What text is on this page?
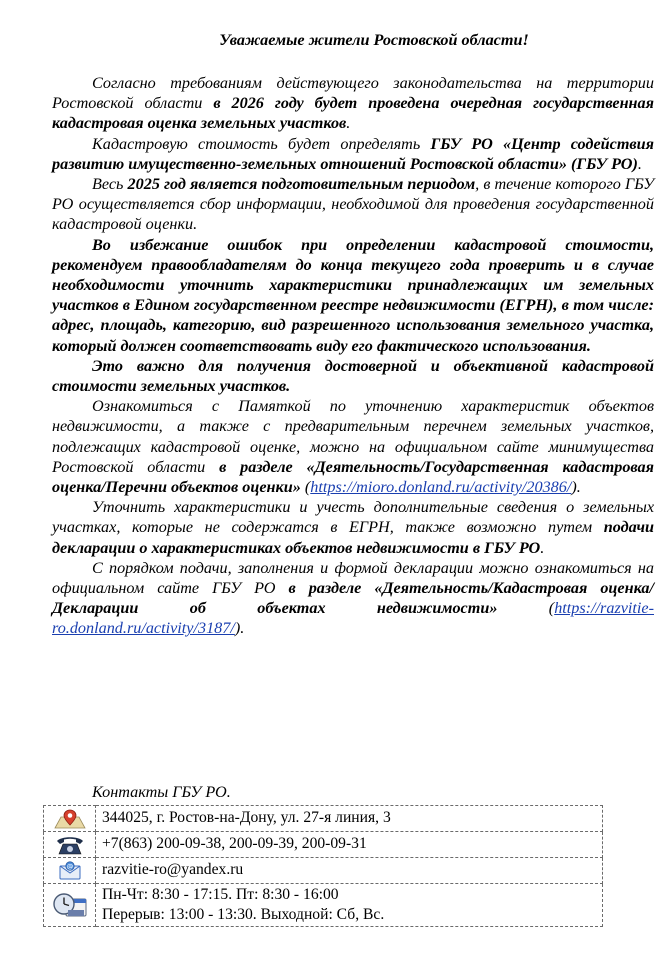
Уважаемые жители Ростовской области!

Согласно требованиям действующего законодательства на территории Ростовской области в 2026 году будет проведена очередная государственная кадастровая оценка земельных участков.

Кадастровую стоимость будет определять ГБУ РО «Центр содействия развитию имущественно-земельных отношений Ростовской области» (ГБУ РО).

Весь 2025 год является подготовительным периодом, в течение которого ГБУ РО осуществляется сбор информации, необходимой для проведения государственной кадастровой оценки.

Во избежание ошибок при определении кадастровой стоимости, рекомендуем правообладателям до конца текущего года проверить и в случае необходимости уточнить характеристики принадлежащих им земельных участков в Едином государственном реестре недвижимости (ЕГРН), в том числе: адрес, площадь, категорию, вид разрешенного использования земельного участка, который должен соответствовать виду его фактического использования.

Это важно для получения достоверной и объективной кадастровой стоимости земельных участков.

Ознакомиться с Памяткой по уточнению характеристик объектов недвижимости, а также с предварительным перечнем земельных участков, подлежащих кадастровой оценке, можно на официальном сайте минимущества Ростовской области в разделе «Деятельность/Государственная кадастровая оценка/Перечни объектов оценки» (https://mioro.donland.ru/activity/20386/).

Уточнить характеристики и учесть дополнительные сведения о земельных участках, которые не содержатся в ЕГРН, также возможно путем подачи декларации о характеристиках объектов недвижимости в ГБУ РО.

С порядком подачи, заполнения и формой декларации можно ознакомиться на официальном сайте ГБУ РО в разделе «Деятельность/Кадастровая оценка/Декларации об объектах недвижимости» (https://razvitie-ro.donland.ru/activity/3187/).

Контакты ГБУ РО.
	344025, г. Ростов-на-Дону, ул. 27-я линия, 3

	+7(863) 200-09-38, 200-09-39, 200-09-31

@	razvitie-ro@yandex.ru

Пн-Чт: 8:30 - 17:15. Пт: 8:30 - 16:00
Перерыв: 13:00 - 13:30. Выходной: Сб, Вс.
